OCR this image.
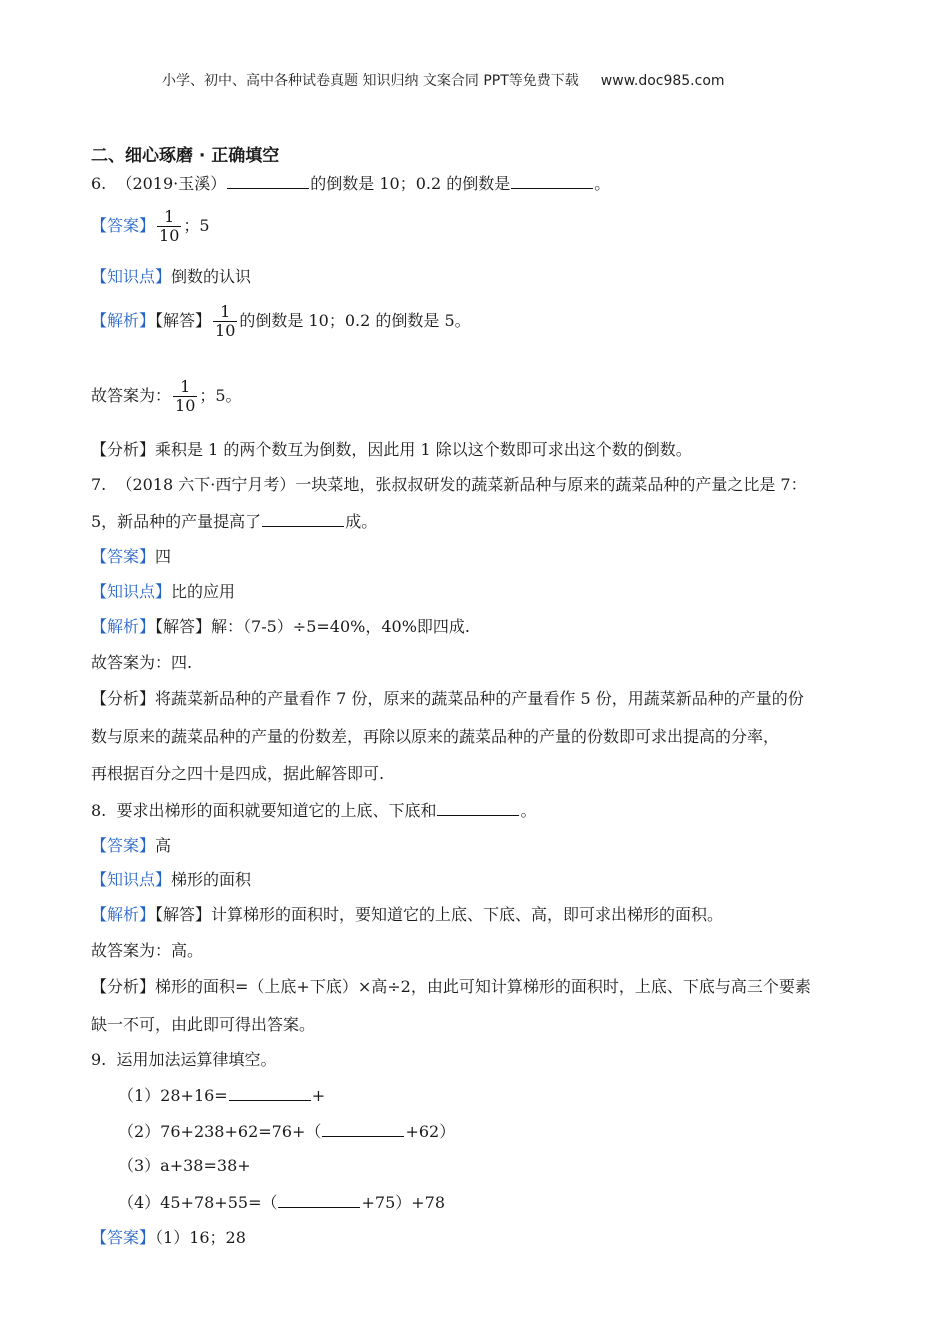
小学、初中、高中各种试卷真题 知识归纳 文案合同 PPT等免费下载 www.doc985.com
二、细心琢磨 · 正确填空
6. （2019·玉溪）	的倒数是 10；0.2 的倒数是	。
【答案】 $\frac{1}{10}$ ；5
【知识点】倒数的认识
【解析】【解答】 $\frac{1}{10}$ 的倒数是 10；0.2 的倒数是 5。
故答案为： $\frac{1}{10}$ ；5。
【分析】乘积是 1 的两个数互为倒数，因此用 1 除以这个数即可求出这个数的倒数。
7. （2018 六下·西宁月考）一块菜地，张叔叔研发的蔬菜新品种与原来的蔬菜品种的产量之比是 7：
5，新品种的产量提高了	成。
【答案】四
【知识点】比的应用
【解析】【解答】解：（7-5）÷5=40%，40%即四成.
故答案为：四.
【分析】将蔬菜新品种的产量看作 7 份，原来的蔬菜品种的产量看作 5 份，用蔬菜新品种的产量的份
数与原来的蔬菜品种的产量的份数差，再除以原来的蔬菜品种的产量的份数即可求出提高的分率，
再根据百分之四十是四成，据此解答即可.
8. 要求出梯形的面积就要知道它的上底、下底和	。
【答案】高
【知识点】梯形的面积
【解析】【解答】计算梯形的面积时，要知道它的上底、下底、高，即可求出梯形的面积。
故答案为：高。
【分析】梯形的面积=（上底+下底）×高÷2，由此可知计算梯形的面积时，上底、下底与高三个要素
缺一不可，由此即可得出答案。
9. 运用加法运算律填空。
（1）28+16=	+
（2）76+238+62=76+（	+62）
（3）a+38=38+
（4）45+78+55=（	+75）+78
【答案】（1）16；28
